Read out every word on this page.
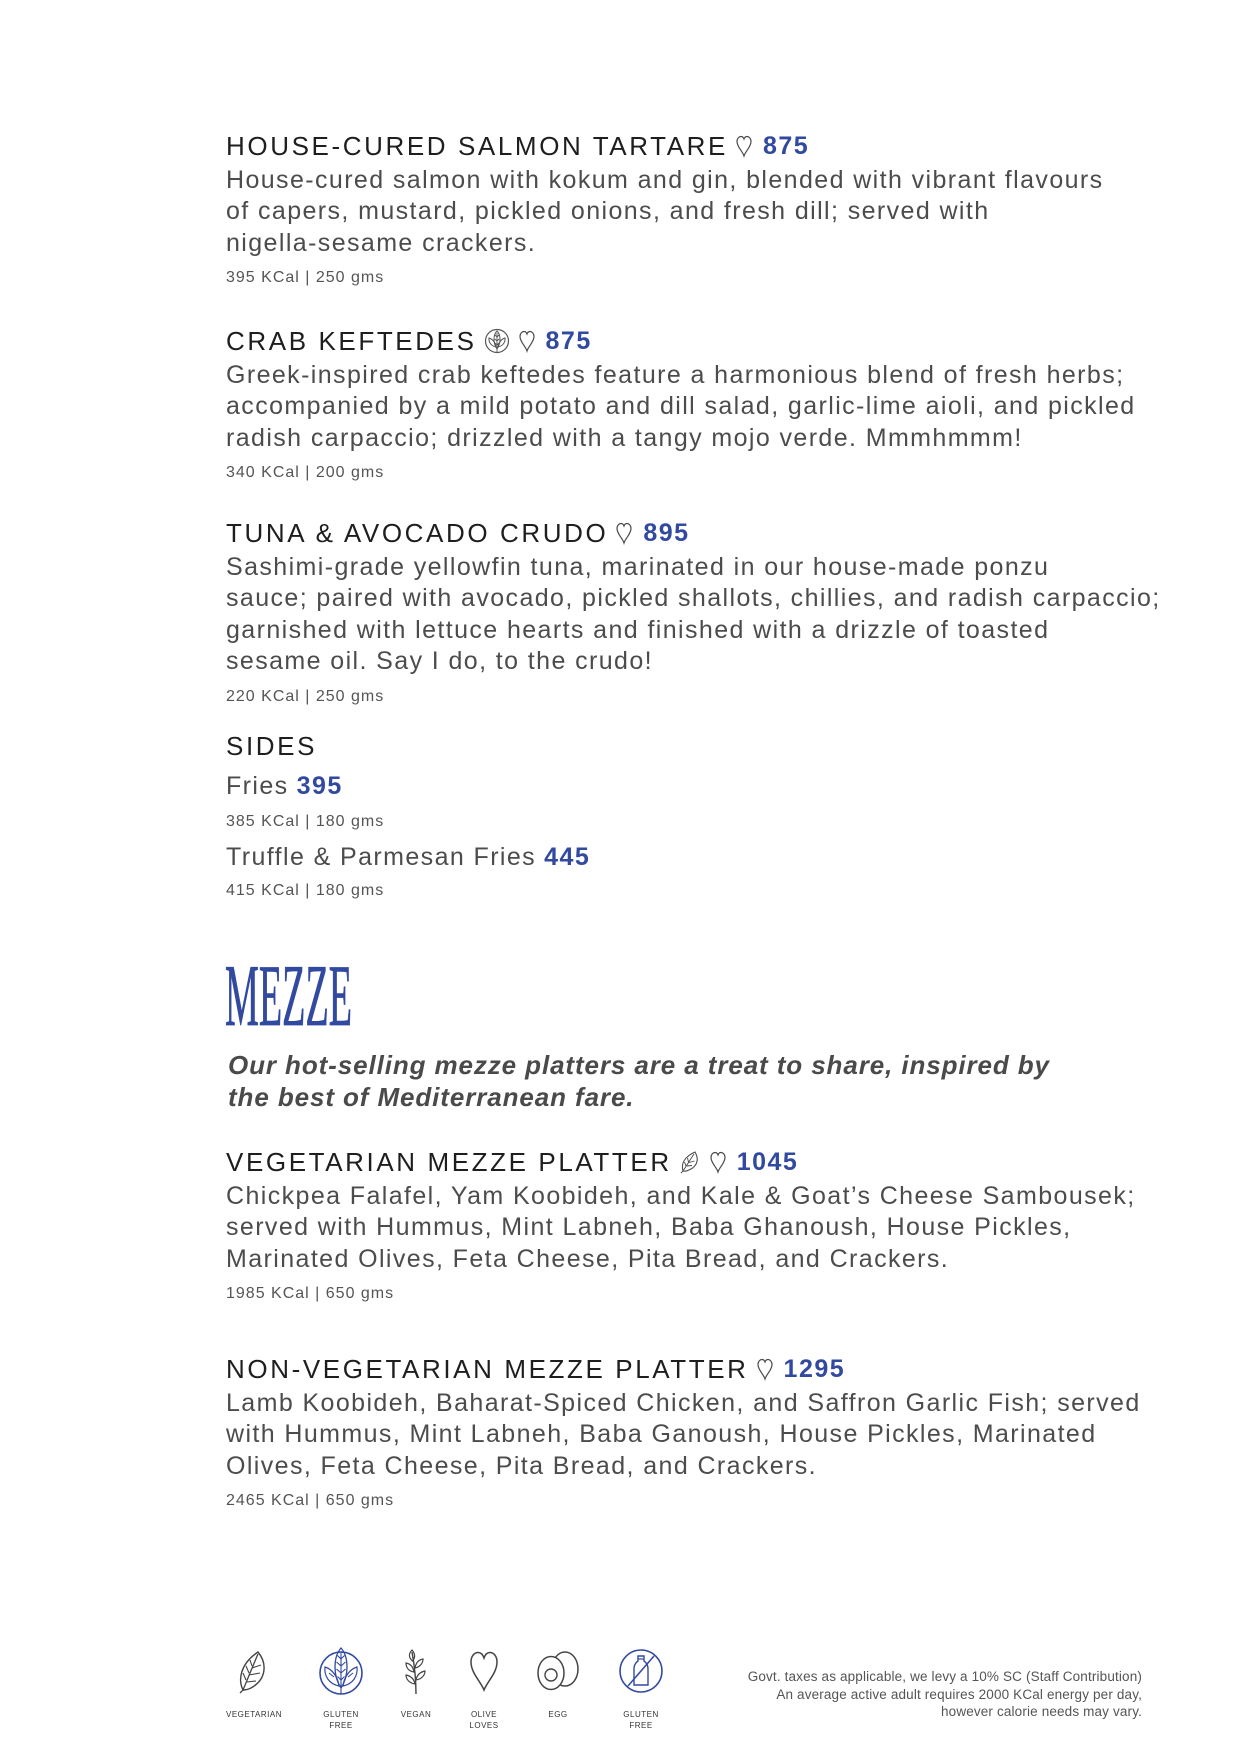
HOUSE-CURED SALMON TARTARE 875
House-cured salmon with kokum and gin, blended with vibrant flavours
of capers, mustard, pickled onions, and fresh dill; served with
nigella-sesame crackers.
395 KCal | 250 gms
CRAB KEFTEDES	875
Greek-inspired crab keftedes feature a harmonious blend of fresh herbs;
accompanied by a mild potato and dill salad, garlic-lime aioli, and pickled
radish carpaccio; drizzled with a tangy mojo verde. Mmmhmmm!
340 KCal | 200 gms
TUNA & AVOCADO CRUDO 895
Sashimi-grade yellowfin tuna, marinated in our house-made ponzu
sauce; paired with avocado, pickled shallots, chillies, and radish carpaccio;
garnished with lettuce hearts and finished with a drizzle of toasted
sesame oil. Say I do, to the crudo!
220 KCal | 250 gms
SIDES
Fries 395
385 KCal | 180 gms
Truffle & Parmesan Fries 445
415 KCal | 180 gms
MEZZE
Our hot-selling mezze platters are a treat to share, inspired by
the best of Mediterranean fare.
VEGETARIAN MEZZE PLATTER	1045
Chickpea Falafel, Yam Koobideh, and Kale & Goat’s Cheese Sambousek;
served with Hummus, Mint Labneh, Baba Ghanoush, House Pickles,
Marinated Olives, Feta Cheese, Pita Bread, and Crackers.
1985 KCal | 650 gms
NON-VEGETARIAN MEZZE PLATTER 1295
Lamb Koobideh, Baharat-Spiced Chicken, and Saffron Garlic Fish; served
with Hummus, Mint Labneh, Baba Ganoush, House Pickles, Marinated
Olives, Feta Cheese, Pita Bread, and Crackers.
2465 KCal | 650 gms
VEGETARIAN	GLUTEN
FREE
VEGAN	OLIVE
LOVES
EGG	GLUTEN
FREE
Govt. taxes as applicable, we levy a 10% SC (Staff Contribution)
An average active adult requires 2000 KCal energy per day,
however calorie needs may vary.
